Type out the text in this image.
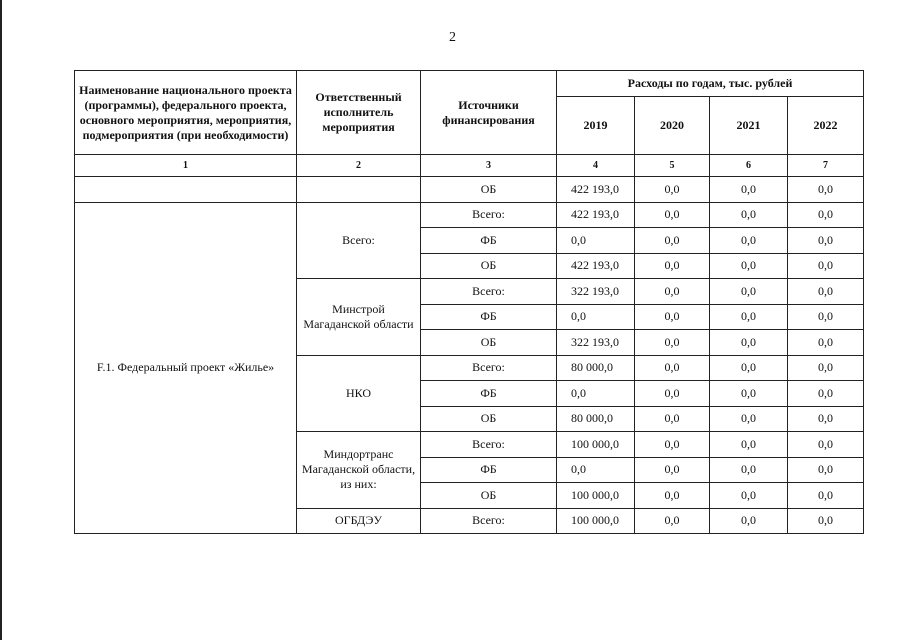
2
Наименование национального проекта (программы), федерального проекта, основного мероприятия, мероприятия, подмероприятия (при необходимости)	Ответственный исполнитель мероприятия	Источники финансирования	Расходы по годам, тыс. рублей			
			2019	2020	2021	2022
1	2	3	4	5	6	7
		ОБ	422 193,0	0,0	0,0	0,0
F.1. Федеральный проект «Жилье»	Всего:	Всего:	422 193,0	0,0	0,0	0,0
		ФБ	0,0	0,0	0,0	0,0
		ОБ	422 193,0	0,0	0,0	0,0
	Минстрой Магаданской области	Всего:	322 193,0	0,0	0,0	0,0
		ФБ	0,0	0,0	0,0	0,0
		ОБ	322 193,0	0,0	0,0	0,0
	НКО	Всего:	80 000,0	0,0	0,0	0,0
		ФБ	0,0	0,0	0,0	0,0
		ОБ	80 000,0	0,0	0,0	0,0
	Миндортранс Магаданской области, из них:	Всего:	100 000,0	0,0	0,0	0,0
		ФБ	0,0	0,0	0,0	0,0
		ОБ	100 000,0	0,0	0,0	0,0
	ОГБДЭУ	Всего:	100 000,0	0,0	0,0	0,0
